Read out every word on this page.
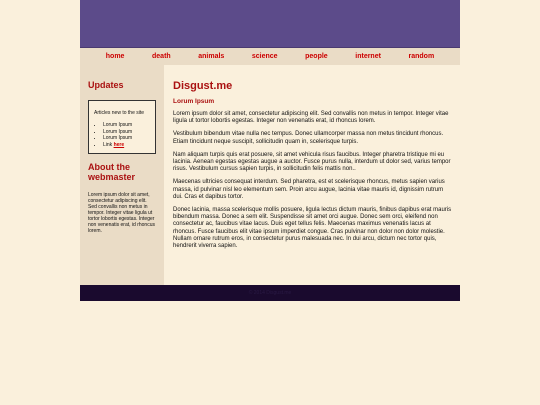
home	death	animals	science	people	internet	random
Updates

Articles new to the site

• Lorum Ipsum
• Lorum Ipsum
• Lorum Ipsum
• Link here
About the webmaster

Lorem ipsum dolor sit amet, consectetur adipiscing elit. Sed convallis non metus in tempor. Integer vitae ligula ut tortor lobortis egestas. Integer non venenatis erat, id rhoncus lorem.

Disgust.me
Lorum Ipsum

Lorem ipsum dolor sit amet, consectetur adipiscing elit. Sed convallis non metus in tempor. Integer vitae ligula ut tortor lobortis egestas. Integer non venenatis erat, id rhoncus lorem.

Vestibulum bibendum vitae nulla nec tempus. Donec ullamcorper massa non metus tincidunt rhoncus. Etiam tincidunt neque suscipit, sollicitudin quam in, scelerisque turpis.

Nam aliquam turpis quis erat posuere, sit amet vehicula risus faucibus. Integer pharetra tristique mi eu lacinia. Aenean egestas egestas augue a auctor. Fusce purus nulla, interdum ut dolor sed, varius tempor risus. Vestibulum cursus sapien turpis, in sollicitudin felis mattis non..

Maecenas ultricies consequat interdum. Sed pharetra, est et scelerisque rhoncus, metus sapien varius massa, id pulvinar nisl leo elementum sem. Proin arcu augue, lacinia vitae mauris id, dignissim rutrum dui. Cras et dapibus tortor.

Donec lacinia, massa scelerisque mollis posuere, ligula lectus dictum mauris, finibus dapibus erat mauris bibendum massa. Donec a sem elit. Suspendisse sit amet orci augue. Donec sem orci, eleifend non consectetur ac, faucibus vitae lacus. Duis eget tellus felis. Maecenas maximus venenatis lacus at rhoncus. Fusce faucibus elit vitae ipsum imperdiet congue. Cras pulvinar non dolor non dolor molestie. Nullam ornare rutrum eros, in consectetur purus malesuada nec. In dui arcu, dictum nec tortor quis, hendrerit viverra sapien.

© 2014 Disgust.me
